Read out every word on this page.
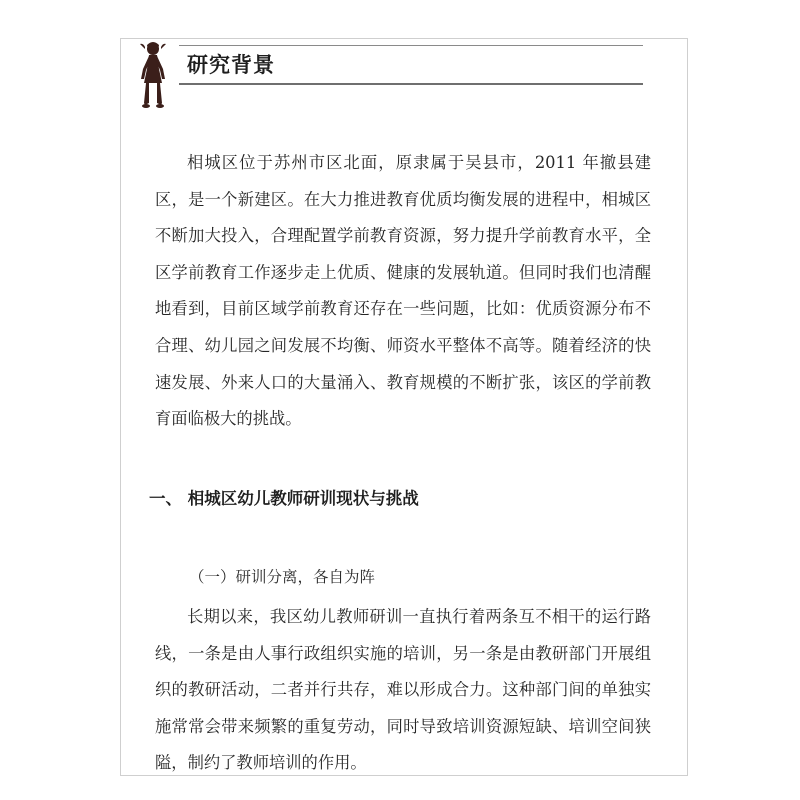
研究背景

相城区位于苏州市区北面，原隶属于吴县市，2011 年撤县建区，是一个新建区。在大力推进教育优质均衡发展的进程中，相城区不断加大投入，合理配置学前教育资源，努力提升学前教育水平，全区学前教育工作逐步走上优质、健康的发展轨道。但同时我们也清醒地看到，目前区域学前教育还存在一些问题，比如：优质资源分布不合理、幼儿园之间发展不均衡、师资水平整体不高等。随着经济的快速发展、外来人口的大量涌入、教育规模的不断扩张，该区的学前教育面临极大的挑战。

一、 相城区幼儿教师研训现状与挑战
（一）研训分离，各自为阵

长期以来，我区幼儿教师研训一直执行着两条互不相干的运行路线，一条是由人事行政组织实施的培训，另一条是由教研部门开展组织的教研活动，二者并行共存，难以形成合力。这种部门间的单独实施常常会带来频繁的重复劳动，同时导致培训资源短缺、培训空间狭隘，制约了教师培训的作用。
